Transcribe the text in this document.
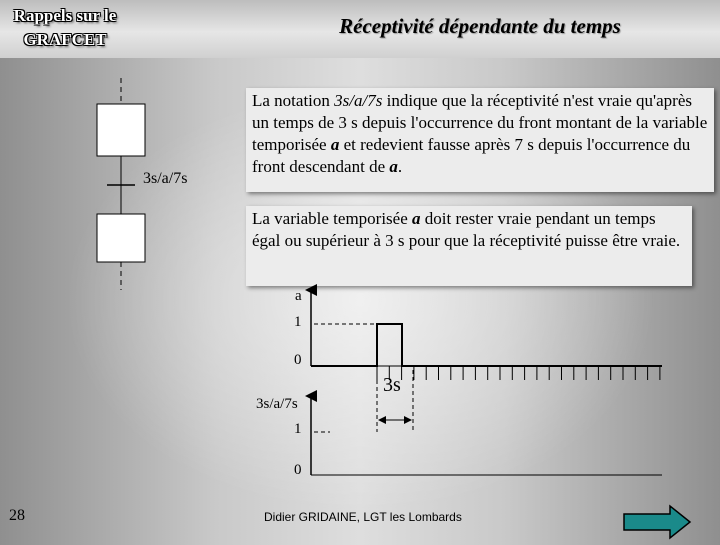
Rappels sur le
GRAFCET
Réceptivité dépendante du temps
3s/a/7s

La notation 3s/a/7s indique que la réceptivité n'est vraie qu'après un temps de 3 s depuis l'occurrence du front montant de la variable temporisée a et redevient fausse après 7 s depuis l'occurrence du front descendant de a.

La variable temporisée a doit rester vraie pendant un temps égal ou supérieur à 3 s pour que la réceptivité puisse être vraie.

a
1
0
3s
3s/a/7s
1
0
28	Didier GRIDAINE, LGT les Lombards
